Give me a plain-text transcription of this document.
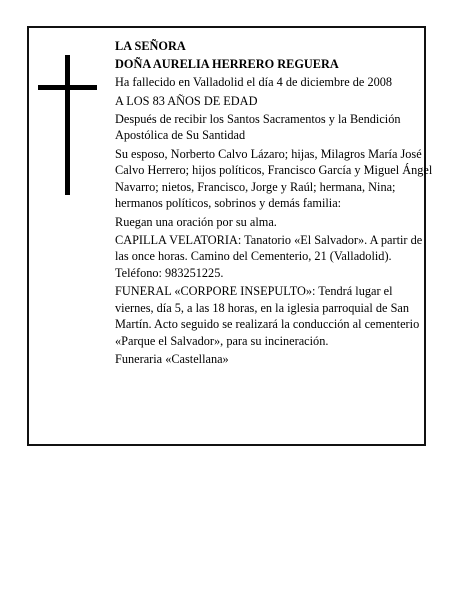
LA SEÑORA

DOÑA AURELIA HERRERO REGUERA

Ha fallecido en Valladolid el día 4 de diciembre de 2008

A LOS 83 AÑOS DE EDAD

Después de recibir los Santos Sacramentos y la Bendición Apostólica de Su Santidad

Su esposo, Norberto Calvo Lázaro; hijas, Milagros María José Calvo Herrero; hijos políticos, Francisco García y Miguel Ángel Navarro; nietos, Francisco, Jorge y Raúl; hermana, Nina; hermanos políticos, sobrinos y demás familia:

Ruegan una oración por su alma.

CAPILLA VELATORIA: Tanatorio «El Salvador». A partir de las once horas. Camino del Cementerio, 21 (Valladolid). Teléfono: 983251225.

FUNERAL «CORPORE INSEPULTO»: Tendrá lugar el viernes, día 5, a las 18 horas, en la iglesia parroquial de San Martín. Acto seguido se realizará la conducción al cementerio «Parque el Salvador», para su incineración.

Funeraria «Castellana»
